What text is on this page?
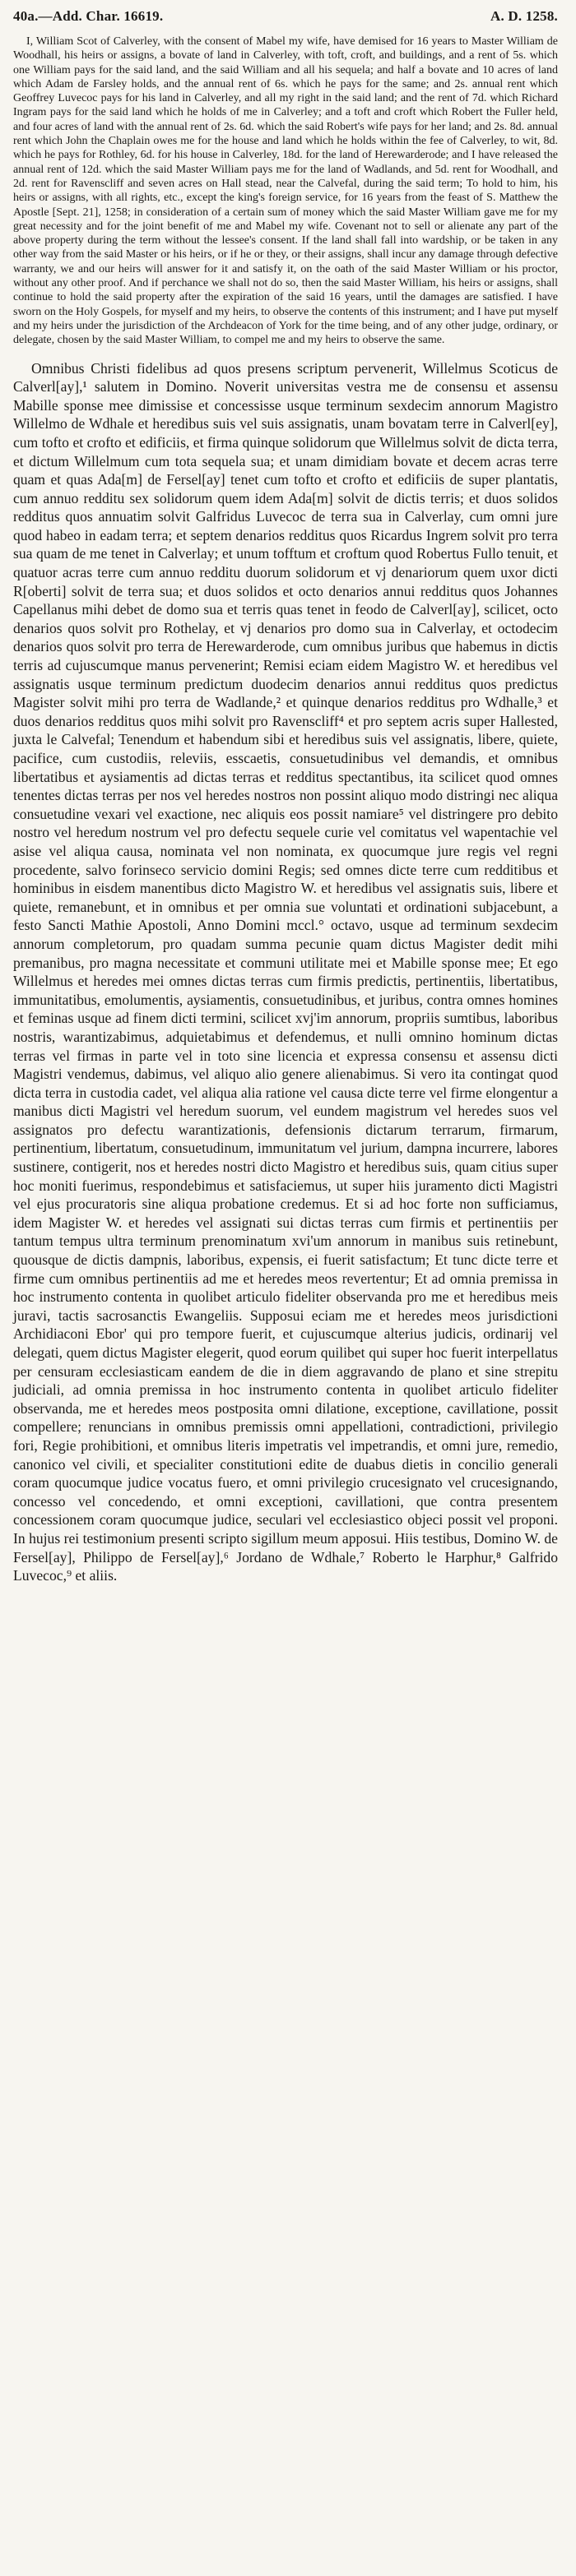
40a.—Add. Char. 16619.	A. D. 1258.

I, William Scot of Calverley, with the consent of Mabel my wife, have demised for 16 years to Master William de Woodhall, his heirs or assigns, a bovate of land in Calverley, with toft, croft, and buildings, and a rent of 5s. which one William pays for the said land, and the said William and all his sequela; and half a bovate and 10 acres of land which Adam de Farsley holds, and the annual rent of 6s. which he pays for the same; and 2s. annual rent which Geoffrey Luvecoc pays for his land in Calverley, and all my right in the said land; and the rent of 7d. which Richard Ingram pays for the said land which he holds of me in Calverley; and a toft and croft which Robert the Fuller held, and four acres of land with the annual rent of 2s. 6d. which the said Robert's wife pays for her land; and 2s. 8d. annual rent which John the Chaplain owes me for the house and land which he holds within the fee of Calverley, to wit, 8d. which he pays for Rothley, 6d. for his house in Calverley, 18d. for the land of Herewarderode; and I have released the annual rent of 12d. which the said Master William pays me for the land of Wadlands, and 5d. rent for Woodhall, and 2d. rent for Ravenscliff and seven acres on Hall stead, near the Calvefal, during the said term; To hold to him, his heirs or assigns, with all rights, etc., except the king's foreign service, for 16 years from the feast of S. Matthew the Apostle [Sept. 21], 1258; in consideration of a certain sum of money which the said Master William gave me for my great necessity and for the joint benefit of me and Mabel my wife. Covenant not to sell or alienate any part of the above property during the term without the lessee's consent. If the land shall fall into wardship, or be taken in any other way from the said Master or his heirs, or if he or they, or their assigns, shall incur any damage through defective warranty, we and our heirs will answer for it and satisfy it, on the oath of the said Master William or his proctor, without any other proof. And if perchance we shall not do so, then the said Master William, his heirs or assigns, shall continue to hold the said property after the expiration of the said 16 years, until the damages are satisfied. I have sworn on the Holy Gospels, for myself and my heirs, to observe the contents of this instrument; and I have put myself and my heirs under the jurisdiction of the Archdeacon of York for the time being, and of any other judge, ordinary, or delegate, chosen by the said Master William, to compel me and my heirs to observe the same.

Omnibus Christi fidelibus ad quos presens scriptum pervenerit, Willelmus Scoticus de Calverl[ay],¹ salutem in Domino. Noverit universitas vestra me de consensu et assensu Mabille sponse mee dimissise et concessisse usque terminum sexdecim annorum Magistro Willelmo de Wdhale et heredibus suis vel suis assignatis, unam bovatam terre in Calverl[ey], cum tofto et crofto et edificiis, et firma quinque solidorum que Willelmus solvit de dicta terra, et dictum Willelmum cum tota sequela sua; et unam dimidiam bovate et decem acras terre quam et quas Ada[m] de Fersel[ay] tenet cum tofto et crofto et edificiis de super plantatis, cum annuo redditu sex solidorum quem idem Ada[m] solvit de dictis terris; et duos solidos redditus quos annuatim solvit Galfridus Luvecoc de terra sua in Calverlay, cum omni jure quod habeo in eadam terra; et septem denarios redditus quos Ricardus Ingrem solvit pro terra sua quam de me tenet in Calverlay; et unum tofftum et croftum quod Robertus Fullo tenuit, et quatuor acras terre cum annuo redditu duorum solidorum et vj denariorum quem uxor dicti R[oberti] solvit de terra sua; et duos solidos et octo denarios annui redditus quos Johannes Capellanus mihi debet de domo sua et terris quas tenet in feodo de Calverl[ay], scilicet, octo denarios quos solvit pro Rothelay, et vj denarios pro domo sua in Calverlay, et octodecim denarios quos solvit pro terra de Herewarderode, cum omnibus juribus que habemus in dictis terris ad cujuscumque manus pervenerint; Remisi eciam eidem Magistro W. et heredibus vel assignatis usque terminum predictum duodecim denarios annui redditus quos predictus Magister solvit mihi pro terra de Wadlande,² et quinque denarios redditus pro Wdhalle,³ et duos denarios redditus quos mihi solvit pro Ravenscliff⁴ et pro septem acris super Hallested, juxta le Calvefal; Tenendum et habendum sibi et heredibus suis vel assignatis, libere, quiete, pacifice, cum custodiis, releviis, esscaetis, consuetudinibus vel demandis, et omnibus libertatibus et aysiamentis ad dictas terras et redditus spectantibus, ita scilicet quod omnes tenentes dictas terras per nos vel heredes nostros non possint aliquo modo distringi nec aliqua consuetudine vexari vel exactione, nec aliquis eos possit namiare⁵ vel distringere pro debito nostro vel heredum nostrum vel pro defectu sequele curie vel comitatus vel wapentachie vel asise vel aliqua causa, nominata vel non nominata, ex quocumque jure regis vel regni procedente, salvo forinseco servicio domini Regis; sed omnes dicte terre cum redditibus et hominibus in eisdem manentibus dicto Magistro W. et heredibus vel assignatis suis, libere et quiete, remanebunt, et in omnibus et per omnia sue voluntati et ordinationi subjacebunt, a festo Sancti Mathie Apostoli, Anno Domini mccl.° octavo, usque ad terminum sexdecim annorum completorum, pro quadam summa pecunie quam dictus Magister dedit mihi premanibus, pro magna necessitate et communi utilitate mei et Mabille sponse mee; Et ego Willelmus et heredes mei omnes dictas terras cum firmis predictis, pertinentiis, libertatibus, immunitatibus, emolumentis, aysiamentis, consuetudinibus, et juribus, contra omnes homines et feminas usque ad finem dicti termini, scilicet xvj'im annorum, propriis sumtibus, laboribus nostris, warantizabimus, adquietabimus et defendemus, et nulli omnino hominum dictas terras vel firmas in parte vel in toto sine licencia et expressa consensu et assensu dicti Magistri vendemus, dabimus, vel aliquo alio genere alienabimus. Si vero ita contingat quod dicta terra in custodia cadet, vel aliqua alia ratione vel causa dicte terre vel firme elongentur a manibus dicti Magistri vel heredum suorum, vel eundem magistrum vel heredes suos vel assignatos pro defectu warantizationis, defensionis dictarum terrarum, firmarum, pertinentium, libertatum, consuetudinum, immunitatum vel jurium, dampna incurrere, labores sustinere, contigerit, nos et heredes nostri dicto Magistro et heredibus suis, quam citius super hoc moniti fuerimus, respondebimus et satisfaciemus, ut super hiis juramento dicti Magistri vel ejus procuratoris sine aliqua probatione credemus. Et si ad hoc forte non sufficiamus, idem Magister W. et heredes vel assignati sui dictas terras cum firmis et pertinentiis per tantum tempus ultra terminum prenominatum xvi'um annorum in manibus suis retinebunt, quousque de dictis dampnis, laboribus, expensis, ei fuerit satisfactum; Et tunc dicte terre et firme cum omnibus pertinentiis ad me et heredes meos revertentur; Et ad omnia premissa in hoc instrumento contenta in quolibet articulo fideliter observanda pro me et heredibus meis juravi, tactis sacrosanctis Ewangeliis. Supposui eciam me et heredes meos jurisdictioni Archidiaconi Ebor' qui pro tempore fuerit, et cujuscumque alterius judicis, ordinarij vel delegati, quem dictus Magister elegerit, quod eorum quilibet qui super hoc fuerit interpellatus per censuram ecclesiasticam eandem de die in diem aggravando de plano et sine strepitu judiciali, ad omnia premissa in hoc instrumento contenta in quolibet articulo fideliter observanda, me et heredes meos postposita omni dilatione, exceptione, cavillatione, possit compellere; renuncians in omnibus premissis omni appellationi, contradictioni, privilegio fori, Regie prohibitioni, et omnibus literis impetratis vel impetrandis, et omni jure, remedio, canonico vel civili, et specialiter constitutioni edite de duabus dietis in concilio generali coram quocumque judice vocatus fuero, et omni privilegio crucesignato vel crucesignando, concesso vel concedendo, et omni exceptioni, cavillationi, que contra presentem concessionem coram quocumque judice, seculari vel ecclesiastico objeci possit vel proponi. In hujus rei testimonium presenti scripto sigillum meum apposui. Hiis testibus, Domino W. de Fersel[ay], Philippo de Fersel[ay],⁶ Jordano de Wdhale,⁷ Roberto le Harphur,⁸ Galfrido Luvecoc,⁹ et aliis.
